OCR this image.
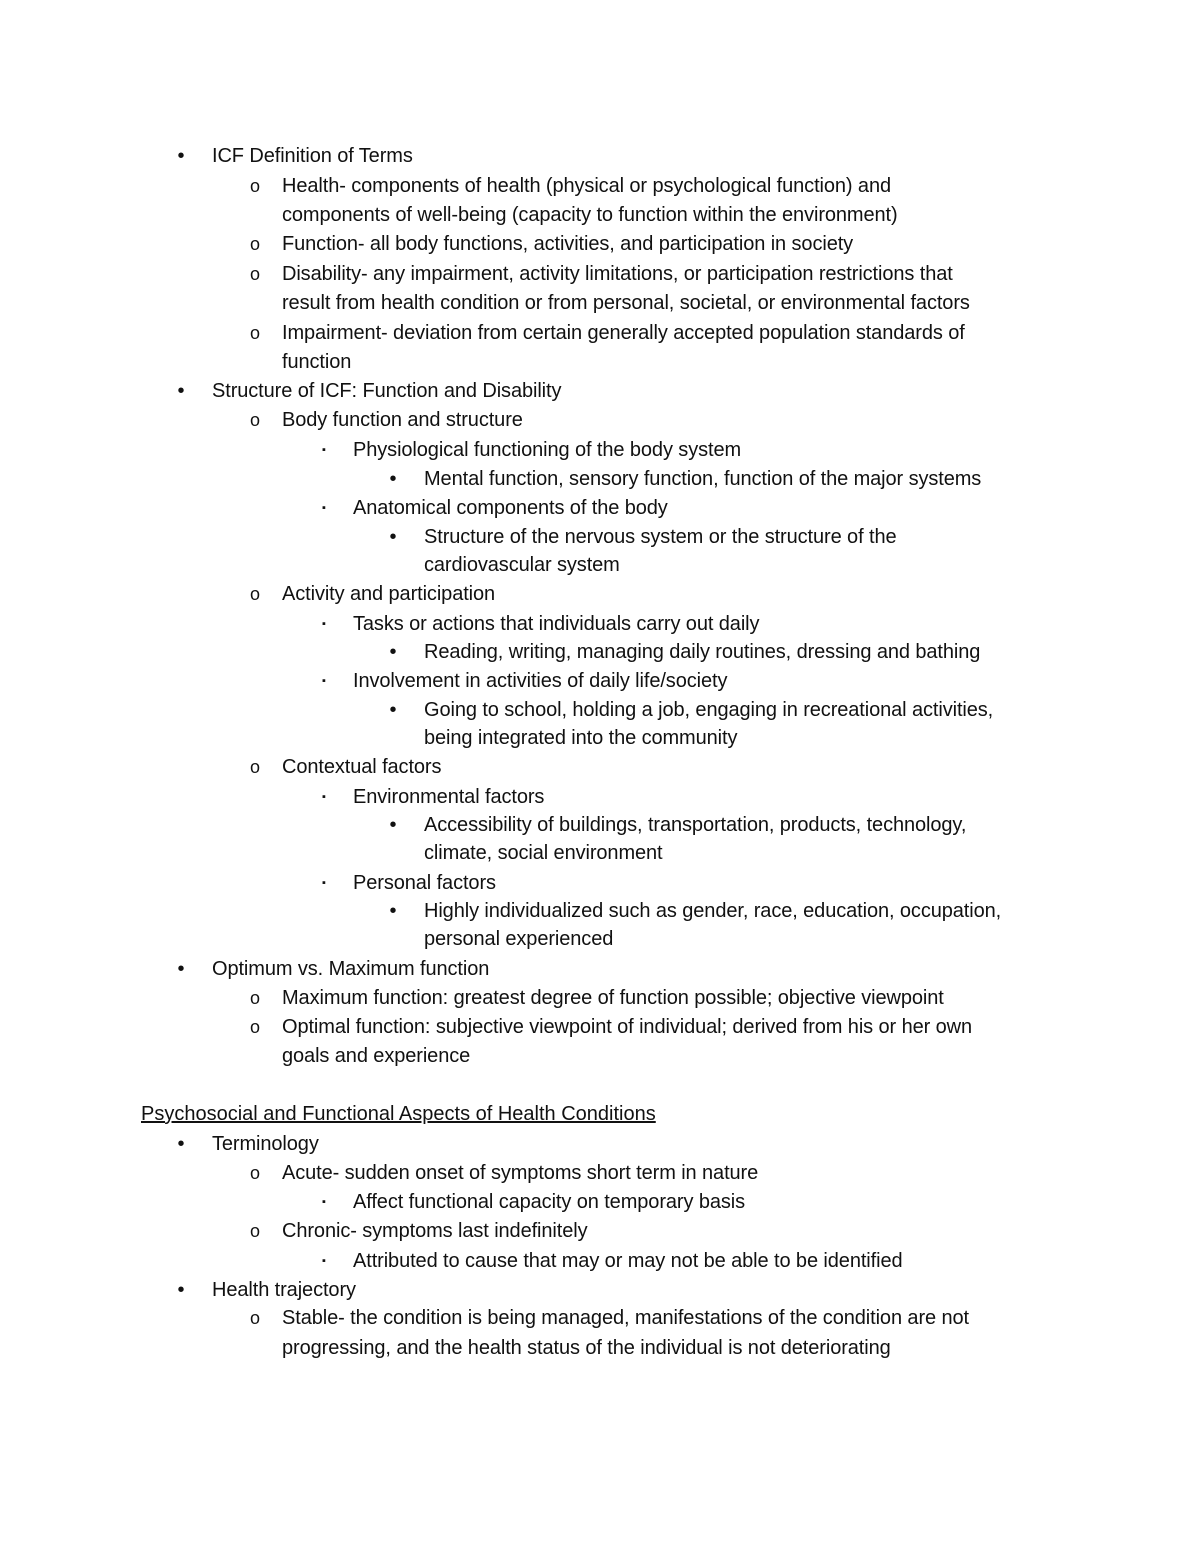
•	ICF Definition of Terms
o Health- components of health (physical or psychological function) and
components of well-being (capacity to function within the environment)
o Function- all body functions, activities, and participation in society
o Disability- any impairment, activity limitations, or participation restrictions that
result from health condition or from personal, societal, or environmental factors
o Impairment- deviation from certain generally accepted population standards of
function
•	Structure of ICF: Function and Disability
o Body function and structure
▪	Physiological functioning of the body system
•	Mental function, sensory function, function of the major systems
▪	Anatomical components of the body
•	Structure of the nervous system or the structure of the
cardiovascular system
o Activity and participation
▪	Tasks or actions that individuals carry out daily
•	Reading, writing, managing daily routines, dressing and bathing
▪	Involvement in activities of daily life/society
•	Going to school, holding a job, engaging in recreational activities,
being integrated into the community
o Contextual factors
▪	Environmental factors
•	Accessibility of buildings, transportation, products, technology,
climate, social environment
▪	Personal factors
•	Highly individualized such as gender, race, education, occupation,
personal experienced
•	Optimum vs. Maximum function
o Maximum function: greatest degree of function possible; objective viewpoint
o Optimal function: subjective viewpoint of individual; derived from his or her own
goals and experience
Psychosocial and Functional Aspects of Health Conditions
•	Terminology
o Acute- sudden onset of symptoms short term in nature
▪	Affect functional capacity on temporary basis
o Chronic- symptoms last indefinitely
▪	Attributed to cause that may or may not be able to be identified
•	Health trajectory
o Stable- the condition is being managed, manifestations of the condition are not
progressing, and the health status of the individual is not deteriorating
